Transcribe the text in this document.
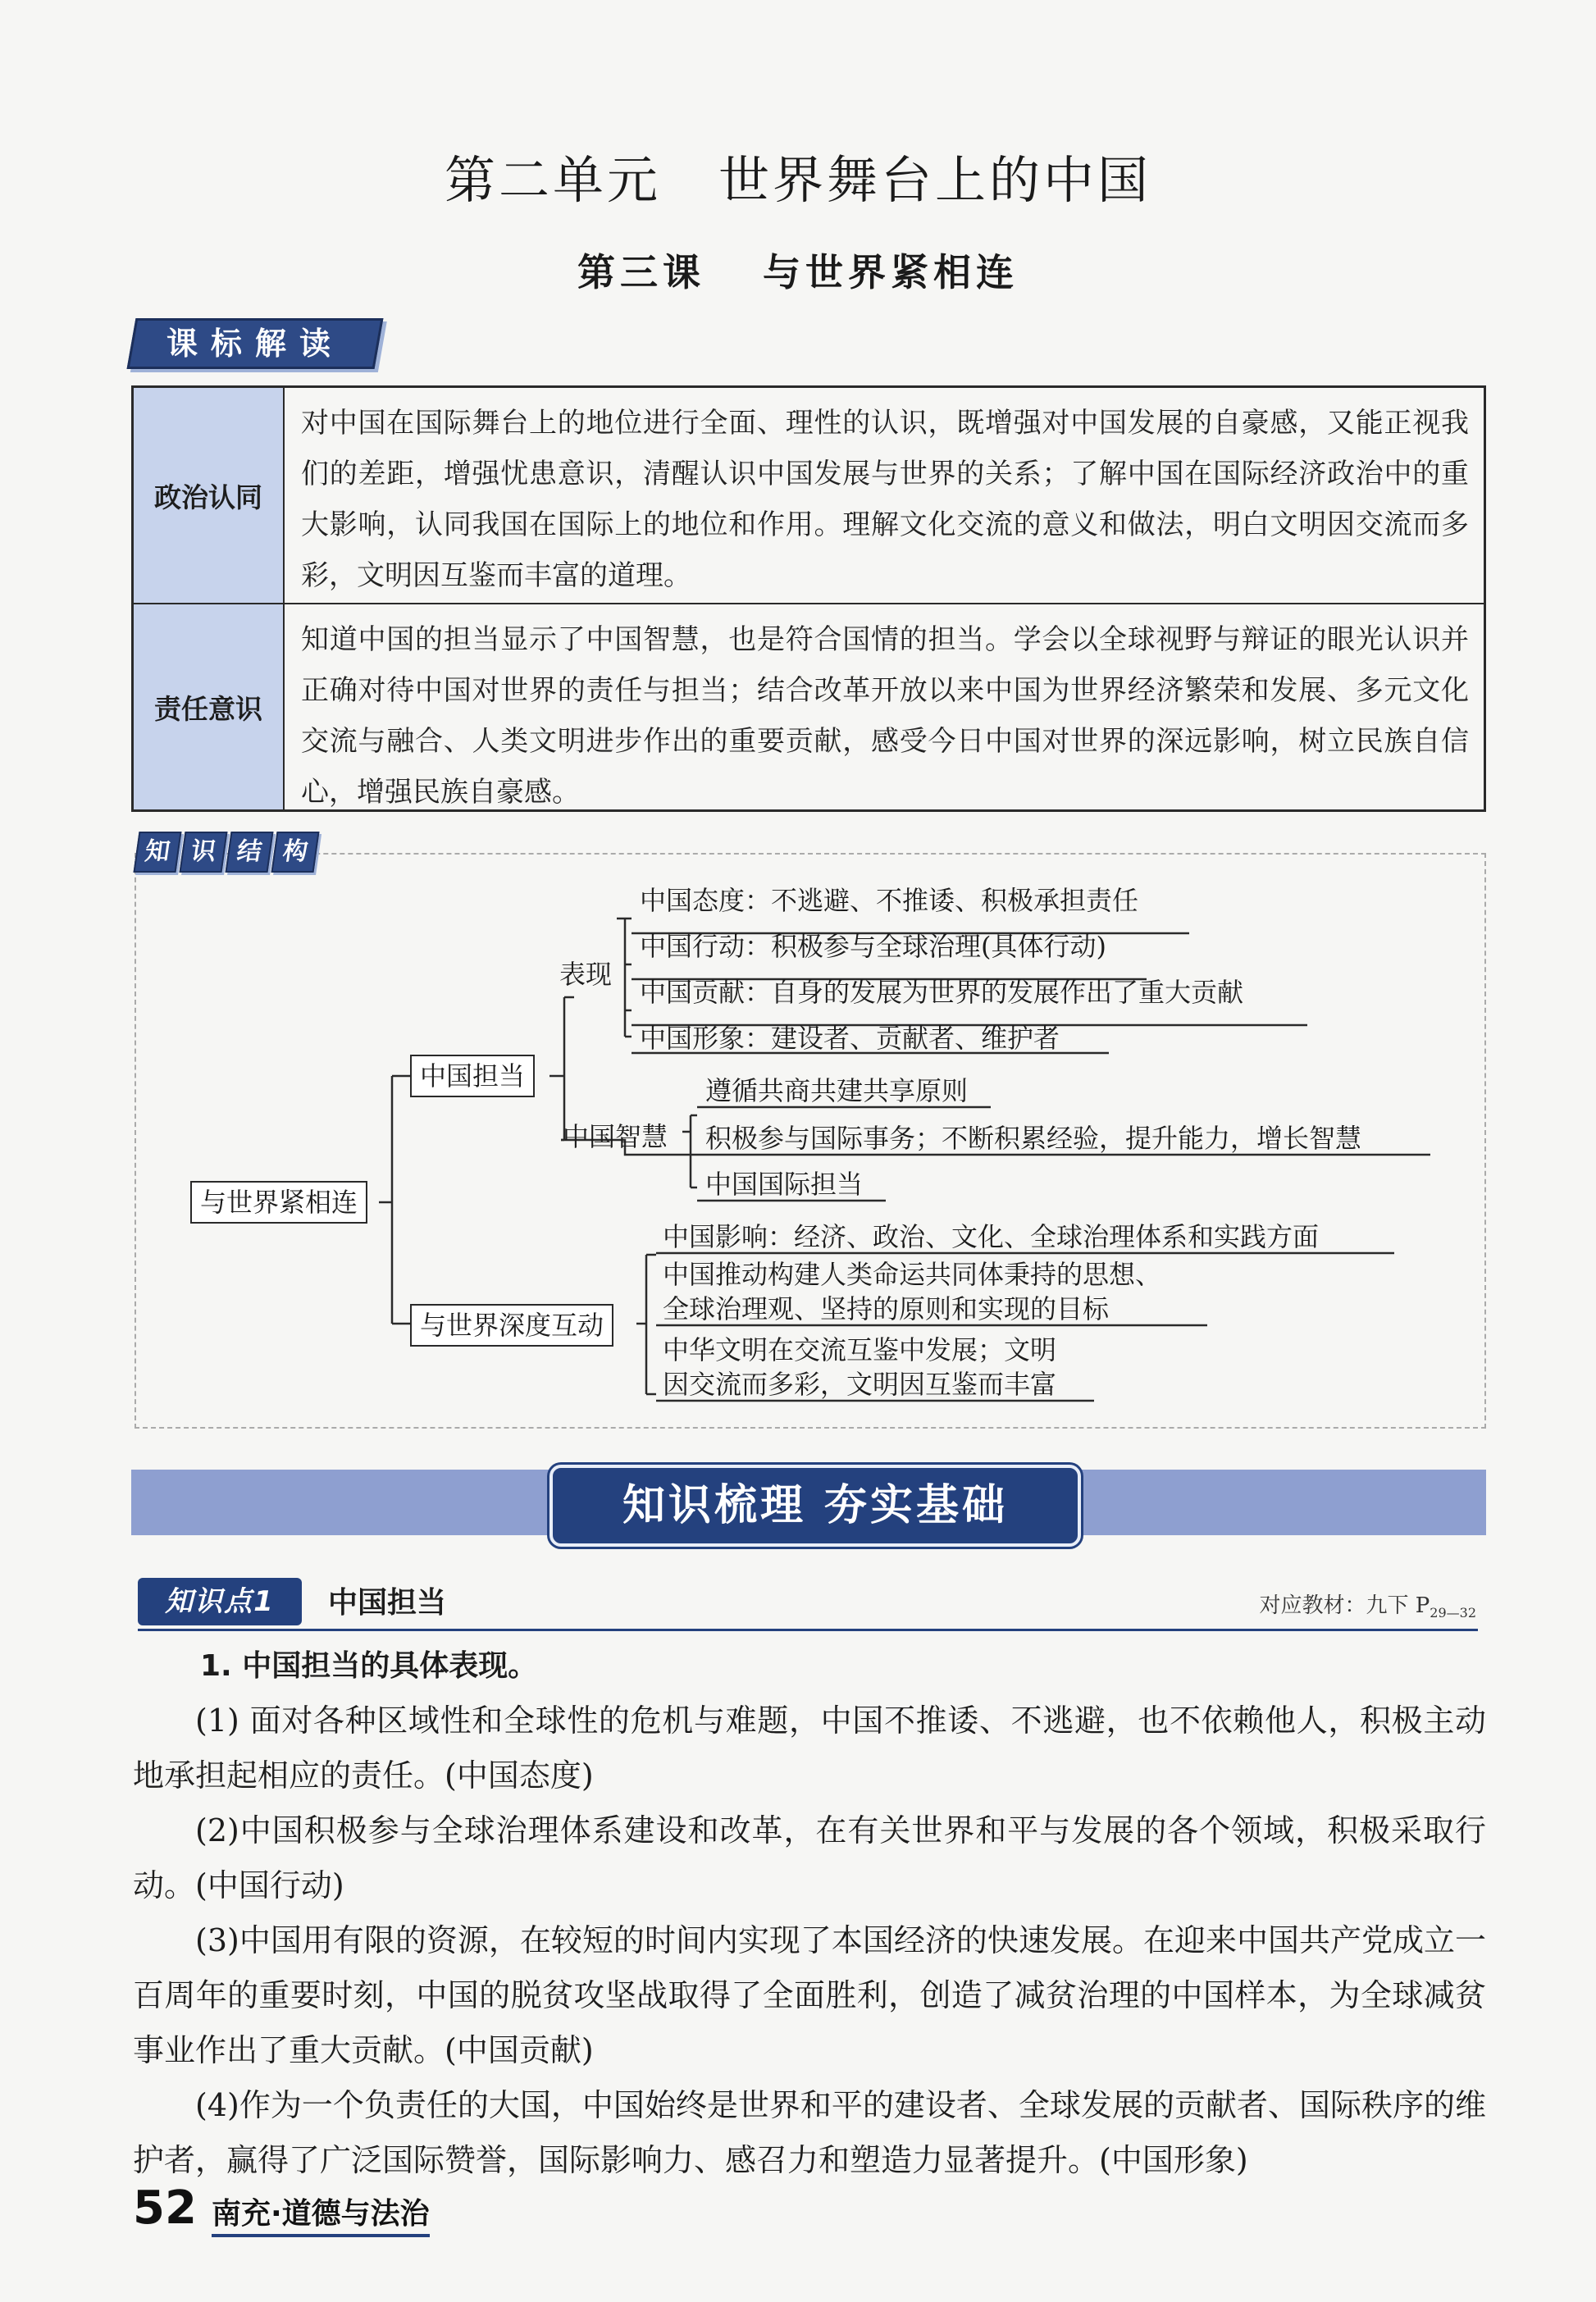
第二单元 世界舞台上的中国
第三课 与世界紧相连
课标解读
政治认同
对中国在国际舞台上的地位进行全面、理性的认识，既增强对中国发展的自豪感，又能正视我们的差距，增强忧患意识，清醒认识中国发展与世界的关系；了解中国在国际经济政治中的重大影响，认同我国在国际上的地位和作用。理解文化交流的意义和做法，明白文明因交流而多彩，文明因互鉴而丰富的道理。
责任意识
知道中国的担当显示了中国智慧，也是符合国情的担当。学会以全球视野与辩证的眼光认识并正确对待中国对世界的责任与担当；结合改革开放以来中国为世界经济繁荣和发展、多元文化交流与融合、人类文明进步作出的重要贡献，感受今日中国对世界的深远影响，树立民族自信心，增强民族自豪感。
知 识 结 构
与世界紧相连
中国担当
与世界深度互动
表现
中国态度：不逃避、不推诿、积极承担责任
中国行动：积极参与全球治理(具体行动)
中国贡献：自身的发展为世界的发展作出了重大贡献
中国形象：建设者、贡献者、维护者
中国智慧
遵循共商共建共享原则
积极参与国际事务；不断积累经验，提升能力，增长智慧
中国国际担当
中国影响：经济、政治、文化、全球治理体系和实践方面
中国推动构建人类命运共同体秉持的思想、
全球治理观、坚持的原则和实现的目标
中华文明在交流互鉴中发展；文明
因交流而多彩，文明因互鉴而丰富
知识梳理 夯实基础
知识点1	中国担当	对应教材：九下 $P_{29—32}$

1. 中国担当的具体表现。

(1) 面对各种区域性和全球性的危机与难题，中国不推诿、不逃避，也不依赖他人，积极主动地承担起相应的责任。(中国态度)

(2)中国积极参与全球治理体系建设和改革，在有关世界和平与发展的各个领域，积极采取行动。(中国行动)

(3)中国用有限的资源，在较短的时间内实现了本国经济的快速发展。在迎来中国共产党成立一百周年的重要时刻，中国的脱贫攻坚战取得了全面胜利，创造了减贫治理的中国样本，为全球减贫事业作出了重大贡献。(中国贡献)

(4)作为一个负责任的大国，中国始终是世界和平的建设者、全球发展的贡献者、国际秩序的维护者，赢得了广泛国际赞誉，国际影响力、感召力和塑造力显著提升。(中国形象)

52 南充·道德与法治
